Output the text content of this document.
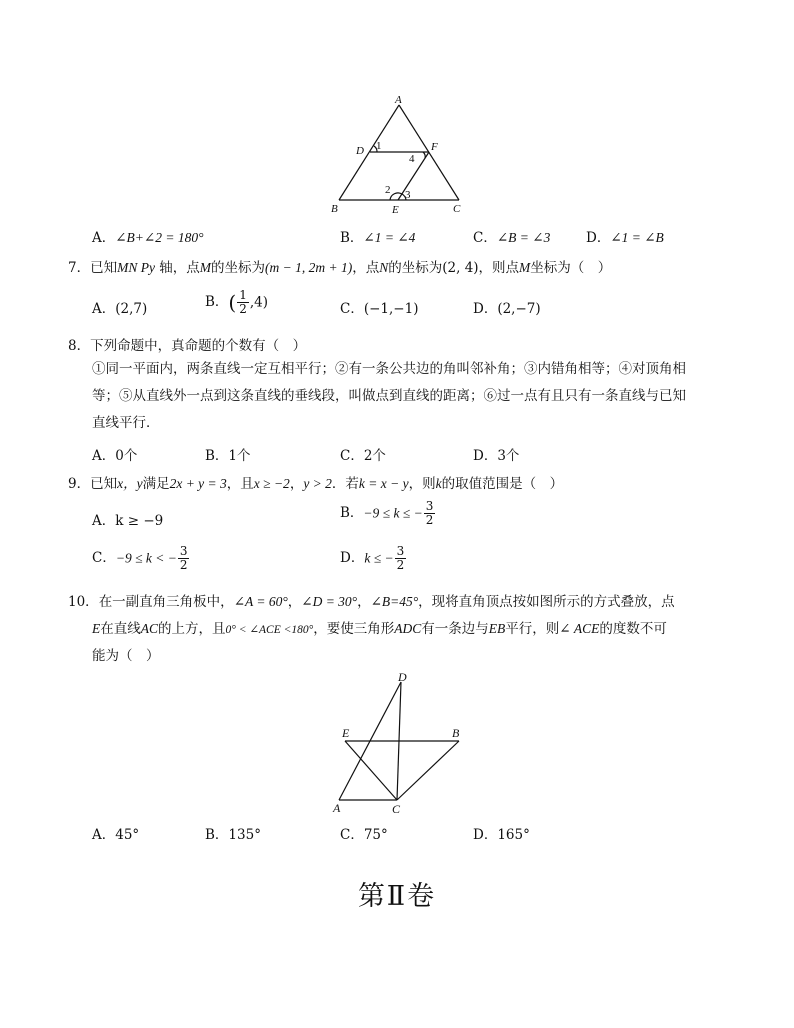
A
D	F
B	E	C
1
4
2 3
A．∠B+∠2 = 180°	B．∠1 = ∠4	C．∠B = ∠3	D．∠1 = ∠B
7．已知MN Py 轴，点M的坐标为(m − 1, 2m + 1)，点N的坐标为(2, 4)，则点M坐标为（　）
A．(2,7)	B．( $\frac{1}{2} ,4$)	C．(−1,−1)	D．(2,−7)
8．下列命题中，真命题的个数有（　）
①同一平面内，两条直线一定互相平行；②有一条公共边的角叫邻补角；③内错角相等；④对顶角相
等；⑤从直线外一点到这条直线的垂线段，叫做点到直线的距离；⑥过一点有且只有一条直线与已知
直线平行．
A．0个	B．1个	C．2个	D．3个
9．已知x，y满足2x + y = 3，且x ≥ −2，y > 2．若k = x − y，则k的取值范围是（　）
A．k ≥ −9	B．−9 ≤ k ≤ − $\frac{3}{2}$
C．−9 ≤ k < − $\frac{3}{2}$	D．k ≤ − $\frac{3}{2}$
10．在一副直角三角板中，∠A = 60°，∠D = 30°，∠B=45°，现将直角顶点按如图所示的方式叠放，点
E在直线AC的上方，且0° < ∠ACE <180°，要使三角形ADC有一条边与EB平行，则∠ ACE的度数不可
能为（　）
D
E	B
A	C
A．45°	B．135°	C．75°	D．165°
第Ⅱ卷
